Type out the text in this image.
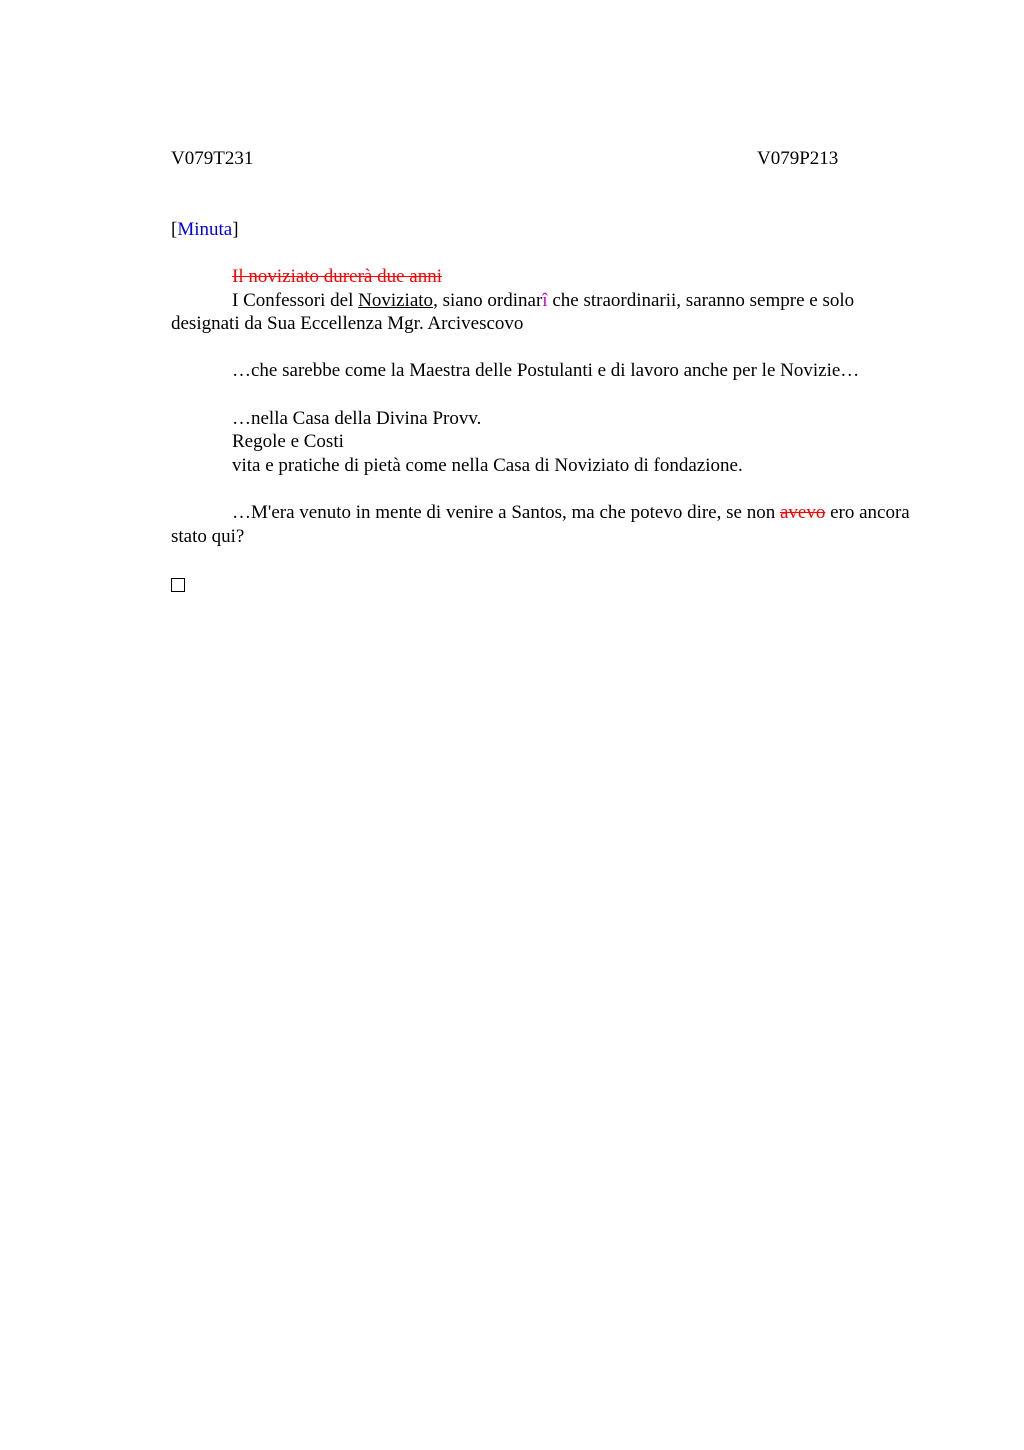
V079T231	V079P213
[Minuta]

Il noviziato durerà due anni

I Confessori del Noviziato, siano ordinarî che straordinarii, saranno sempre e solo designati da Sua Eccellenza Mgr. Arcivescovo

…che sarebbe come la Maestra delle Postulanti e di lavoro anche per le Novizie…

…nella Casa della Divina Provv.

Regole e Costi

vita e pratiche di pietà come nella Casa di Noviziato di fondazione.

…M'era venuto in mente di venire a Santos, ma che potevo dire, se non avevo ero ancora stato qui?
